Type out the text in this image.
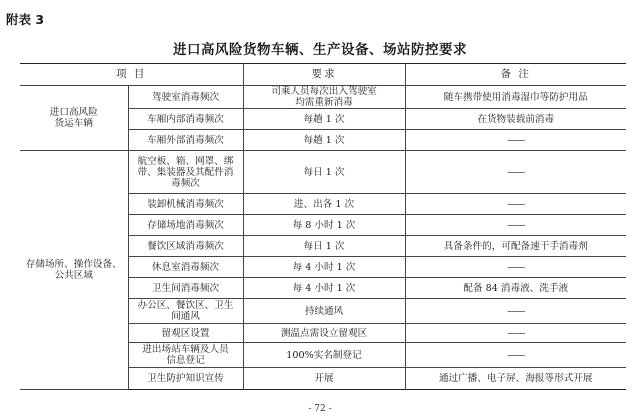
附表 3
进口高风险货物车辆、生产设备、场站防控要求
项 目		要求	备 注
进口高风险
货运车辆	驾驶室消毒频次	司乘人员每次出入驾驶室
均需重新消毒	随车携带使用消毒湿巾等防护用品
	车厢内部消毒频次	每趟 1 次	在货物装载前消毒
	车厢外部消毒频次	每趟 1 次	——
存储场所、操作设备、
公共区域	航空板、箱、网罩、绑
带、集装器及其配件消
毒频次	每日 1 次	——
	装卸机械消毒频次	进、出各 1 次	——
	存储场地消毒频次	每 8 小时 1 次	——
	餐饮区域消毒频次	每日 1 次	具备条件的，可配备速干手消毒剂
	休息室消毒频次	每 4 小时 1 次	——
	卫生间消毒频次	每 4 小时 1 次	配备 84 消毒液、洗手液
	办公区、餐饮区、卫生
间通风	持续通风	——
	留观区设置	测温点需设立留观区	——
	进出场站车辆及人员
信息登记	100%实名制登记	——
	卫生防护知识宣传	开展	通过广播、电子屏、海报等形式开展
- 72 -
